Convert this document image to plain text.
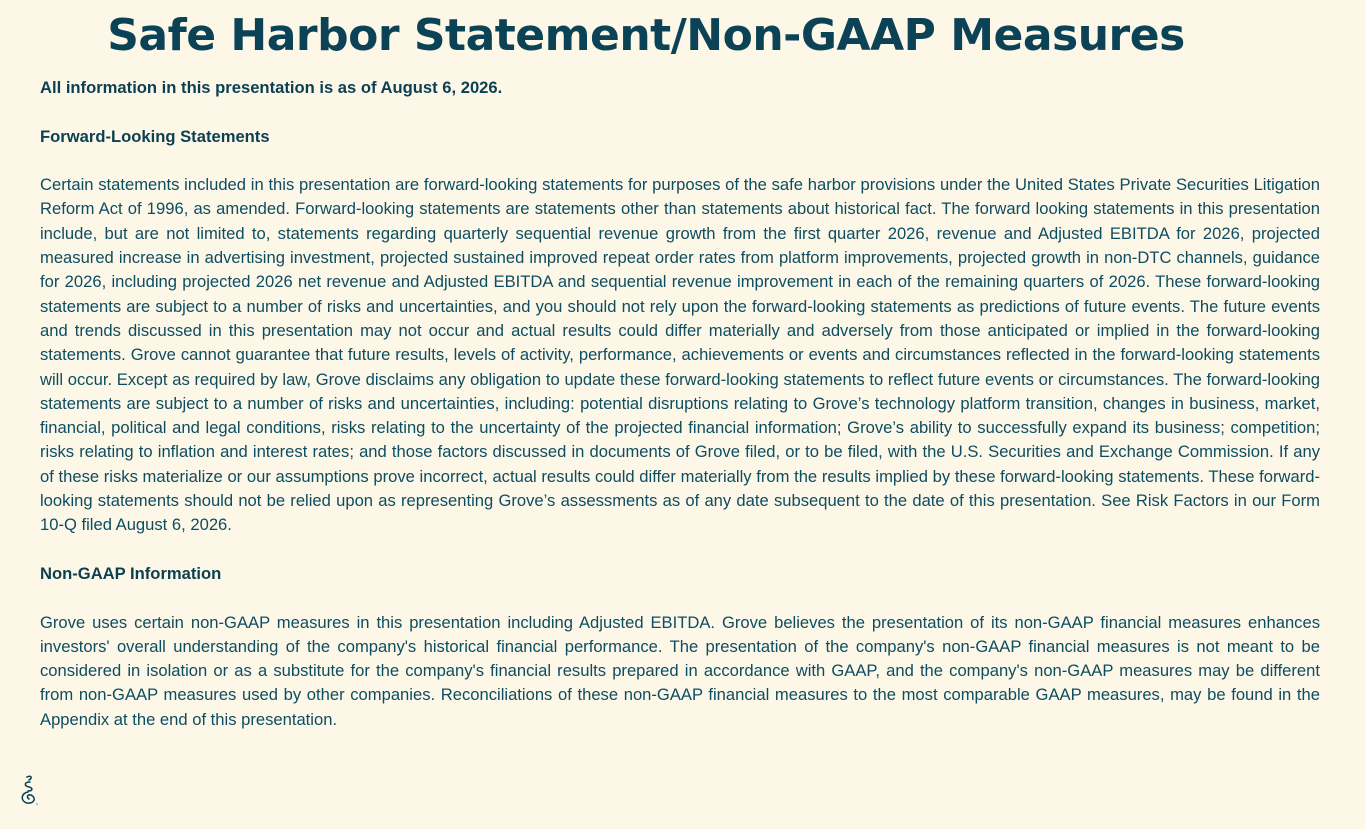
Safe Harbor Statement/Non-GAAP Measures

All information in this presentation is as of August 6, 2026.

Forward-Looking Statements

Certain statements included in this presentation are forward-looking statements for purposes of the safe harbor provisions under the United States Private Securities Litigation Reform Act of 1996, as amended. Forward-looking statements are statements other than statements about historical fact. The forward looking statements in this presentation include, but are not limited to, statements regarding quarterly sequential revenue growth from the first quarter 2026, revenue and Adjusted EBITDA for 2026, projected measured increase in advertising investment, projected sustained improved repeat order rates from platform improvements, projected growth in non-DTC channels, guidance for 2026, including projected 2026 net revenue and Adjusted EBITDA and sequential revenue improvement in each of the remaining quarters of 2026. These forward-looking statements are subject to a number of risks and uncertainties, and you should not rely upon the forward-looking statements as predictions of future events. The future events and trends discussed in this presentation may not occur and actual results could differ materially and adversely from those anticipated or implied in the forward-looking statements. Grove cannot guarantee that future results, levels of activity, performance, achievements or events and circumstances reflected in the forward-looking statements will occur. Except as required by law, Grove disclaims any obligation to update these forward-looking statements to reflect future events or circumstances. The forward-looking statements are subject to a number of risks and uncertainties, including: potential disruptions relating to Grove’s technology platform transition, changes in business, market, financial, political and legal conditions, risks relating to the uncertainty of the projected financial information; Grove’s ability to successfully expand its business; competition; risks relating to inflation and interest rates; and those factors discussed in documents of Grove filed, or to be filed, with the U.S. Securities and Exchange Commission. If any of these risks materialize or our assumptions prove incorrect, actual results could differ materially from the results implied by these forward-looking statements. These forward-looking statements should not be relied upon as representing Grove’s assessments as of any date subsequent to the date of this presentation. See Risk Factors in our Form 10-Q filed August 6, 2026.

Non-GAAP Information

Grove uses certain non-GAAP measures in this presentation including Adjusted EBITDA. Grove believes the presentation of its non-GAAP financial measures enhances investors' overall understanding of the company's historical financial performance. The presentation of the company's non-GAAP financial measures is not meant to be considered in isolation or as a substitute for the company's financial results prepared in accordance with GAAP, and the company's non-GAAP measures may be different from non-GAAP measures used by other companies. Reconciliations of these non-GAAP financial measures to the most comparable GAAP measures, may be found in the Appendix at the end of this presentation.
